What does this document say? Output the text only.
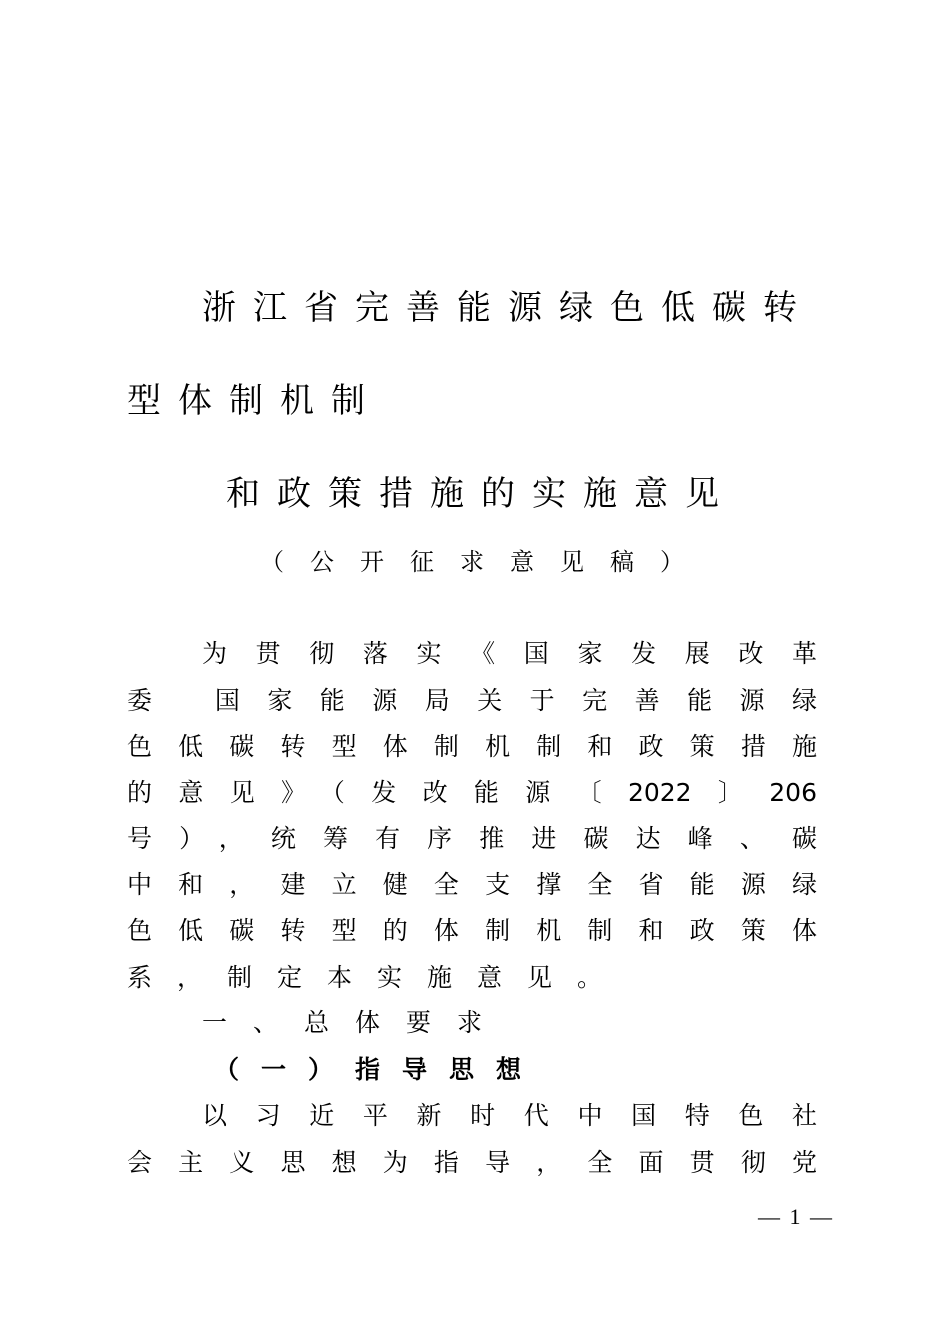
浙江省完善能源绿色低碳转
型体制机制
和政策措施的实施意见
（公开征求意见稿）
为贯彻落实《国家发展改革
委 国家能源局关于完善能源绿
色低碳转型体制机制和政策措施
的意见》（发改能源〔2022〕206
号），统筹有序推进碳达峰、碳
中和，建立健全支撑全省能源绿
色低碳转型的体制机制和政策体
系，制定本实施意见。
一、总体要求
（一）指导思想
以习近平新时代中国特色社
会主义思想为指导，全面贯彻党
— 1 —
